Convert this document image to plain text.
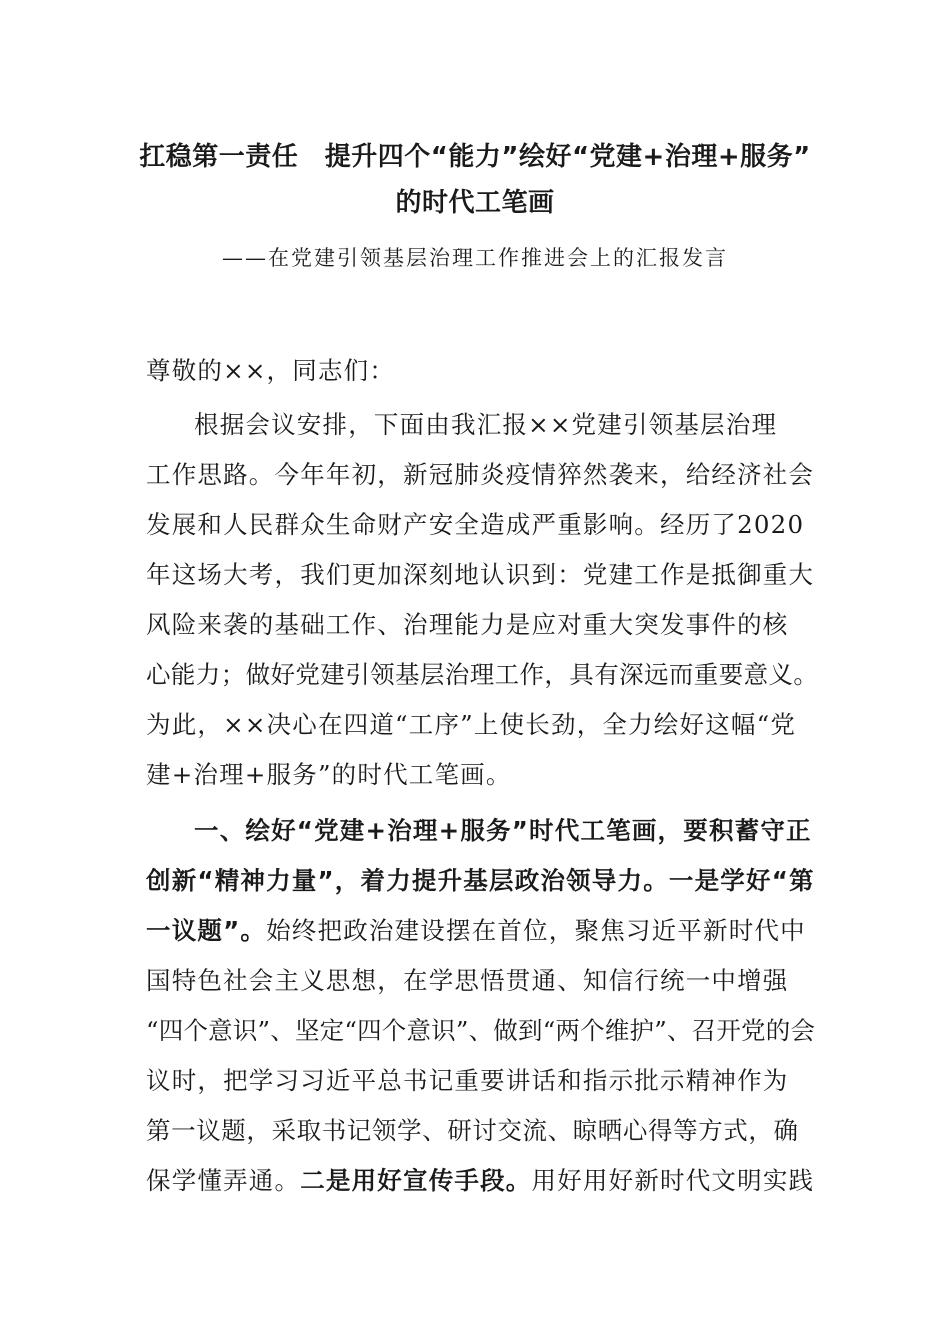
扛稳第一责任　提升四个“能力”绘好“党建+治理+服务”
的时代工笔画
——在党建引领基层治理工作推进会上的汇报发言
尊敬的××，同志们：
根据会议安排，下面由我汇报××党建引领基层治理
工作思路。今年年初，新冠肺炎疫情猝然袭来，给经济社会
发展和人民群众生命财产安全造成严重影响。经历了2020
年这场大考，我们更加深刻地认识到：党建工作是抵御重大
风险来袭的基础工作、治理能力是应对重大突发事件的核
心能力；做好党建引领基层治理工作，具有深远而重要意义。
为此，××决心在四道“工序”上使长劲，全力绘好这幅“党
建+治理+服务”的时代工笔画。
一、绘好“党建+治理+服务”时代工笔画，要积蓄守正
创新“精神力量”，着力提升基层政治领导力。一是学好“第
一议题”。始终把政治建设摆在首位，聚焦习近平新时代中
国特色社会主义思想，在学思悟贯通、知信行统一中增强
“四个意识”、坚定“四个意识”、做到“两个维护”、召开党的会
议时，把学习习近平总书记重要讲话和指示批示精神作为
第一议题，采取书记领学、研讨交流、晾晒心得等方式，确
保学懂弄通。二是用好宣传手段。用好用好新时代文明实践
